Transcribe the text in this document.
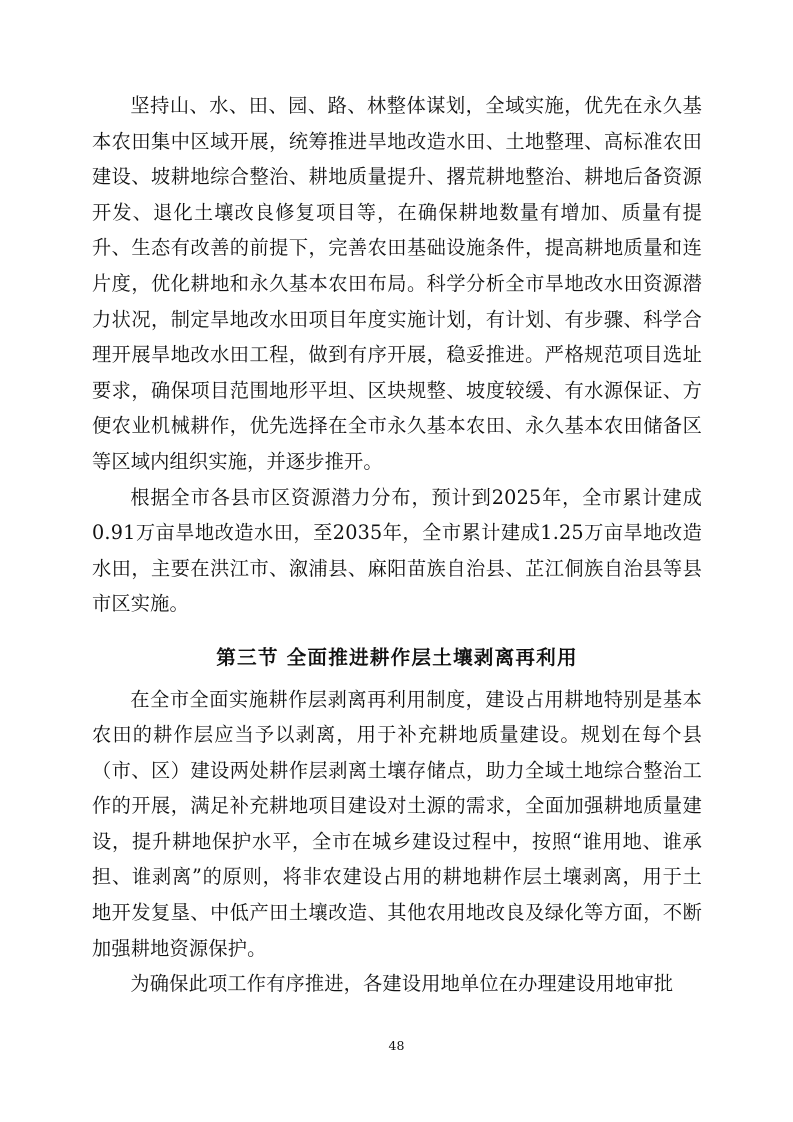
坚持山、水、田、园、路、林整体谋划，全域实施，优先在永久基本农田集中区域开展，统筹推进旱地改造水田、土地整理、高标准农田建设、坡耕地综合整治、耕地质量提升、撂荒耕地整治、耕地后备资源开发、退化土壤改良修复项目等，在确保耕地数量有增加、质量有提升、生态有改善的前提下，完善农田基础设施条件，提高耕地质量和连片度，优化耕地和永久基本农田布局。科学分析全市旱地改水田资源潜力状况，制定旱地改水田项目年度实施计划，有计划、有步骤、科学合理开展旱地改水田工程，做到有序开展，稳妥推进。严格规范项目选址要求，确保项目范围地形平坦、区块规整、坡度较缓、有水源保证、方便农业机械耕作，优先选择在全市永久基本农田、永久基本农田储备区等区域内组织实施，并逐步推开。

根据全市各县市区资源潜力分布，预计到2025年，全市累计建成0.91万亩旱地改造水田，至2035年，全市累计建成1.25万亩旱地改造水田，主要在洪江市、溆浦县、麻阳苗族自治县、芷江侗族自治县等县市区实施。

第三节 全面推进耕作层土壤剥离再利用

在全市全面实施耕作层剥离再利用制度，建设占用耕地特别是基本农田的耕作层应当予以剥离，用于补充耕地质量建设。规划在每个县（市、区）建设两处耕作层剥离土壤存储点，助力全域土地综合整治工作的开展，满足补充耕地项目建设对土源的需求，全面加强耕地质量建设，提升耕地保护水平，全市在城乡建设过程中，按照“谁用地、谁承担、谁剥离”的原则，将非农建设占用的耕地耕作层土壤剥离，用于土地开发复垦、中低产田土壤改造、其他农用地改良及绿化等方面，不断加强耕地资源保护。

为确保此项工作有序推进，各建设用地单位在办理建设用地审批

48
